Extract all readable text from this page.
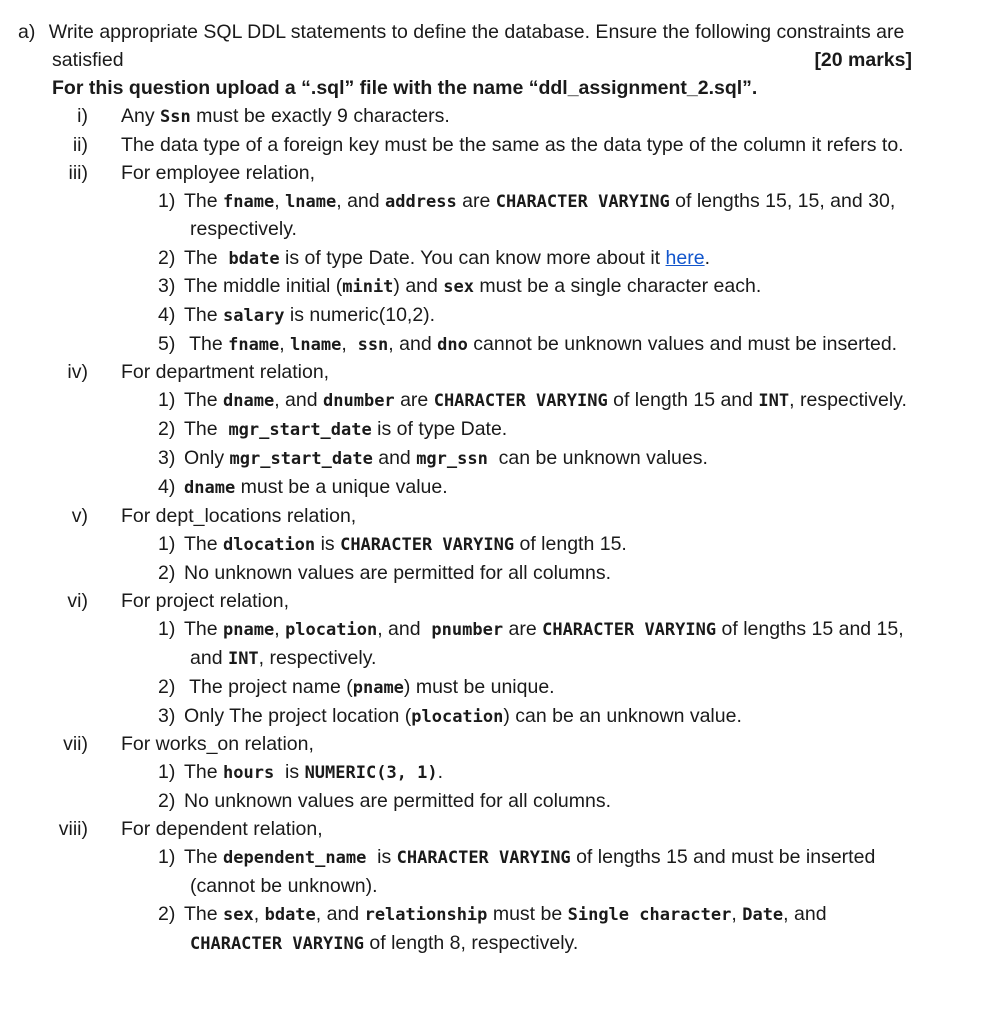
a) Write appropriate SQL DDL statements to define the database. Ensure the following constraints are
satisfied	[20 marks]
For this question upload a “.sql” file with the name “ddl_assignment_2.sql”.
i) Any Ssn must be exactly 9 characters.
ii) The data type of a foreign key must be the same as the data type of the column it refers to.
iii) For employee relation,
1) The fname, lname, and address are CHARACTER VARYING of lengths 15, 15, and 30,
respectively.
2) The  bdate is of type Date. You can know more about it here.
3) The middle initial (minit) and sex must be a single character each.
4) The salary is numeric(10,2).
5) The fname, lname,  ssn, and dno cannot be unknown values and must be inserted.
iv) For department relation,
1) The dname, and dnumber are CHARACTER VARYING of length 15 and INT, respectively.
2) The  mgr_start_date is of type Date.
3) Only mgr_start_date and mgr_ssn  can be unknown values.
4) dname must be a unique value.
v) For dept_locations relation,
1) The dlocation is CHARACTER VARYING of length 15.
2) No unknown values are permitted for all columns.
vi) For project relation,
1) The pname, plocation, and  pnumber are CHARACTER VARYING of lengths 15 and 15,
and INT, respectively.
2) The project name (pname) must be unique.
3) Only The project location (plocation) can be an unknown value.
vii) For works_on relation,
1) The hours  is NUMERIC(3, 1).
2) No unknown values are permitted for all columns.
viii) For dependent relation,
1) The dependent_name  is CHARACTER VARYING of lengths 15 and must be inserted
(cannot be unknown).
2) The sex, bdate, and relationship must be Single character, Date, and
CHARACTER VARYING of length 8, respectively.
